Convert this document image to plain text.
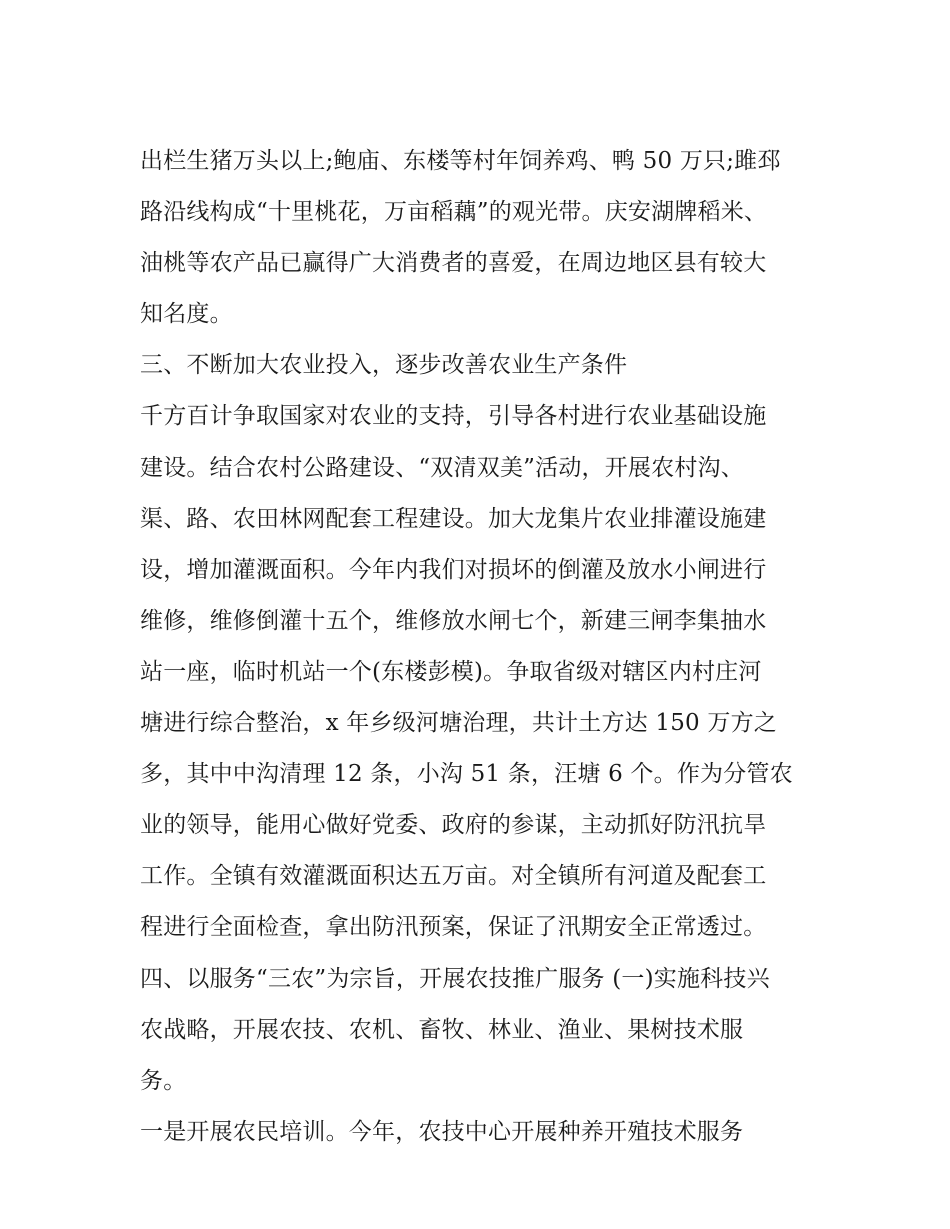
出栏生猪万头以上;鲍庙、东楼等村年饲养鸡、鸭 50 万只;雎邳
路沿线构成“十里桃花，万亩稻藕”的观光带。庆安湖牌稻米、
油桃等农产品已赢得广大消费者的喜爱，在周边地区县有较大
知名度。
三、不断加大农业投入，逐步改善农业生产条件
千方百计争取国家对农业的支持，引导各村进行农业基础设施
建设。结合农村公路建设、“双清双美”活动，开展农村沟、
渠、路、农田林网配套工程建设。加大龙集片农业排灌设施建
设，增加灌溉面积。今年内我们对损坏的倒灌及放水小闸进行
维修，维修倒灌十五个，维修放水闸七个，新建三闸李集抽水
站一座，临时机站一个(东楼彭模)。争取省级对辖区内村庄河
塘进行综合整治，x 年乡级河塘治理，共计土方达 150 万方之
多，其中中沟清理 12 条，小沟 51 条，汪塘 6 个。作为分管农
业的领导，能用心做好党委、政府的参谋，主动抓好防汛抗旱
工作。全镇有效灌溉面积达五万亩。对全镇所有河道及配套工
程进行全面检查，拿出防汛预案，保证了汛期安全正常透过。
四、以服务“三农”为宗旨，开展农技推广服务 (一)实施科技兴
农战略，开展农技、农机、畜牧、林业、渔业、果树技术服
务。
一是开展农民培训。今年，农技中心开展种养开殖技术服务
